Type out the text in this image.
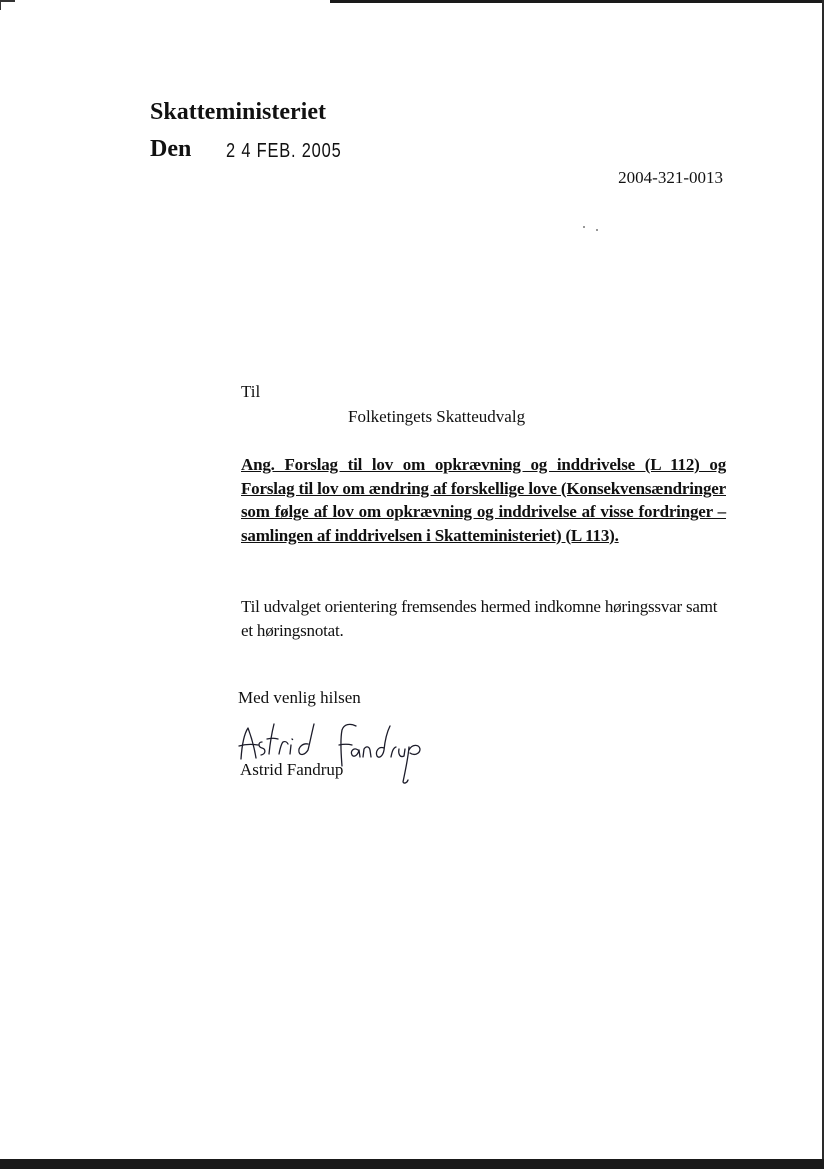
Skatteministeriet
Den 2 4 FEB. 2005
2004-321-0013
Til
Folketingets Skatteudvalg
Ang. Forslag til lov om opkrævning og inddrivelse (L 112) og Forslag til lov om ændring af forskellige love (Konsekvensændringer som følge af lov om opkrævning og inddrivelse af visse fordringer – samlingen af inddrivelsen i Skatteministeriet) (L 113).
Til udvalget orientering fremsendes hermed indkomne høringssvar samt et høringsnotat.
Med venlig hilsen
Astrid Fandrup
